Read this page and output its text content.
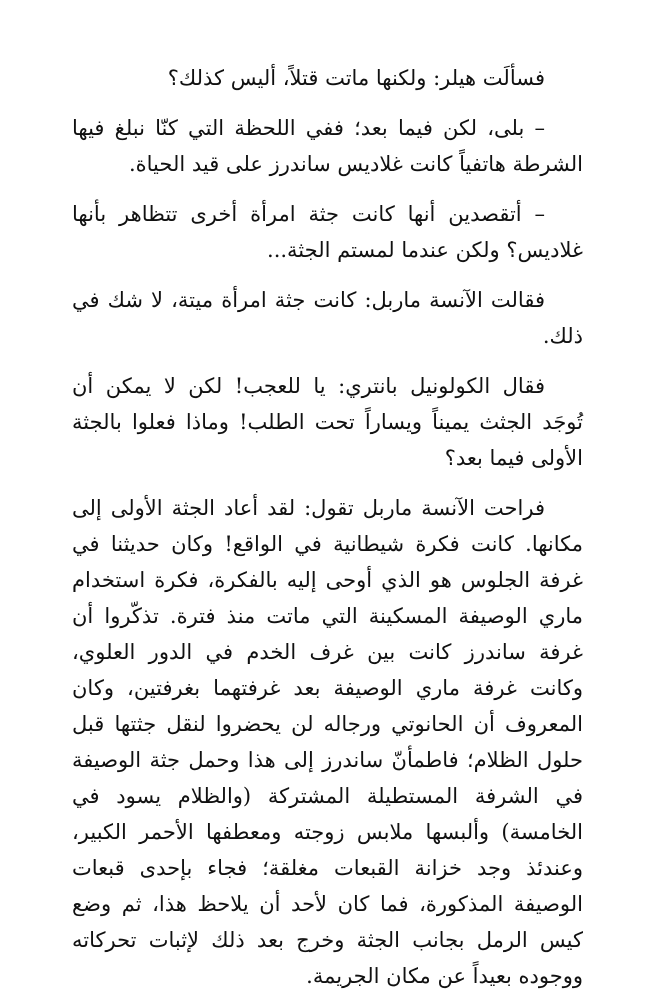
فسألَت هيلر: ولكنها ماتت قتلاً، أليس كذلك؟

– بلى، لكن فيما بعد؛ ففي اللحظة التي كنّا نبلغ فيها الشرطة هاتفياً كانت غلاديس ساندرز على قيد الحياة.

– أتقصدين أنها كانت جثة امرأة أخرى تتظاهر بأنها غلاديس؟ ولكن عندما لمستم الجثة...

فقالت الآنسة ماربل: كانت جثة امرأة ميتة، لا شك في ذلك.

فقال الكولونيل بانتري: يا للعجب! لكن لا يمكن أن تُوجَد الجثث يميناً ويساراً تحت الطلب! وماذا فعلوا بالجثة الأولى فيما بعد؟

فراحت الآنسة ماربل تقول: لقد أعاد الجثة الأولى إلى مكانها. كانت فكرة شيطانية في الواقع! وكان حديثنا في غرفة الجلوس هو الذي أوحى إليه بالفكرة، فكرة استخدام ماري الوصيفة المسكينة التي ماتت منذ فترة. تذكّروا أن غرفة ساندرز كانت بين غرف الخدم في الدور العلوي، وكانت غرفة ماري الوصيفة بعد غرفتهما بغرفتين، وكان المعروف أن الحانوتي ورجاله لن يحضروا لنقل جثتها قبل حلول الظلام؛ فاطمأنّ ساندرز إلى هذا وحمل جثة الوصيفة في الشرفة المستطيلة المشتركة (والظلام يسود في الخامسة) وألبسها ملابس زوجته ومعطفها الأحمر الكبير، وعندئذ وجد خزانة القبعات مغلقة؛ فجاء بإحدى قبعات الوصيفة المذكورة، فما كان لأحد أن يلاحظ هذا، ثم وضع كيس الرمل بجانب الجثة وخرج بعد ذلك لإثبات تحركاته ووجوده بعيداً عن مكان الجريمة.
